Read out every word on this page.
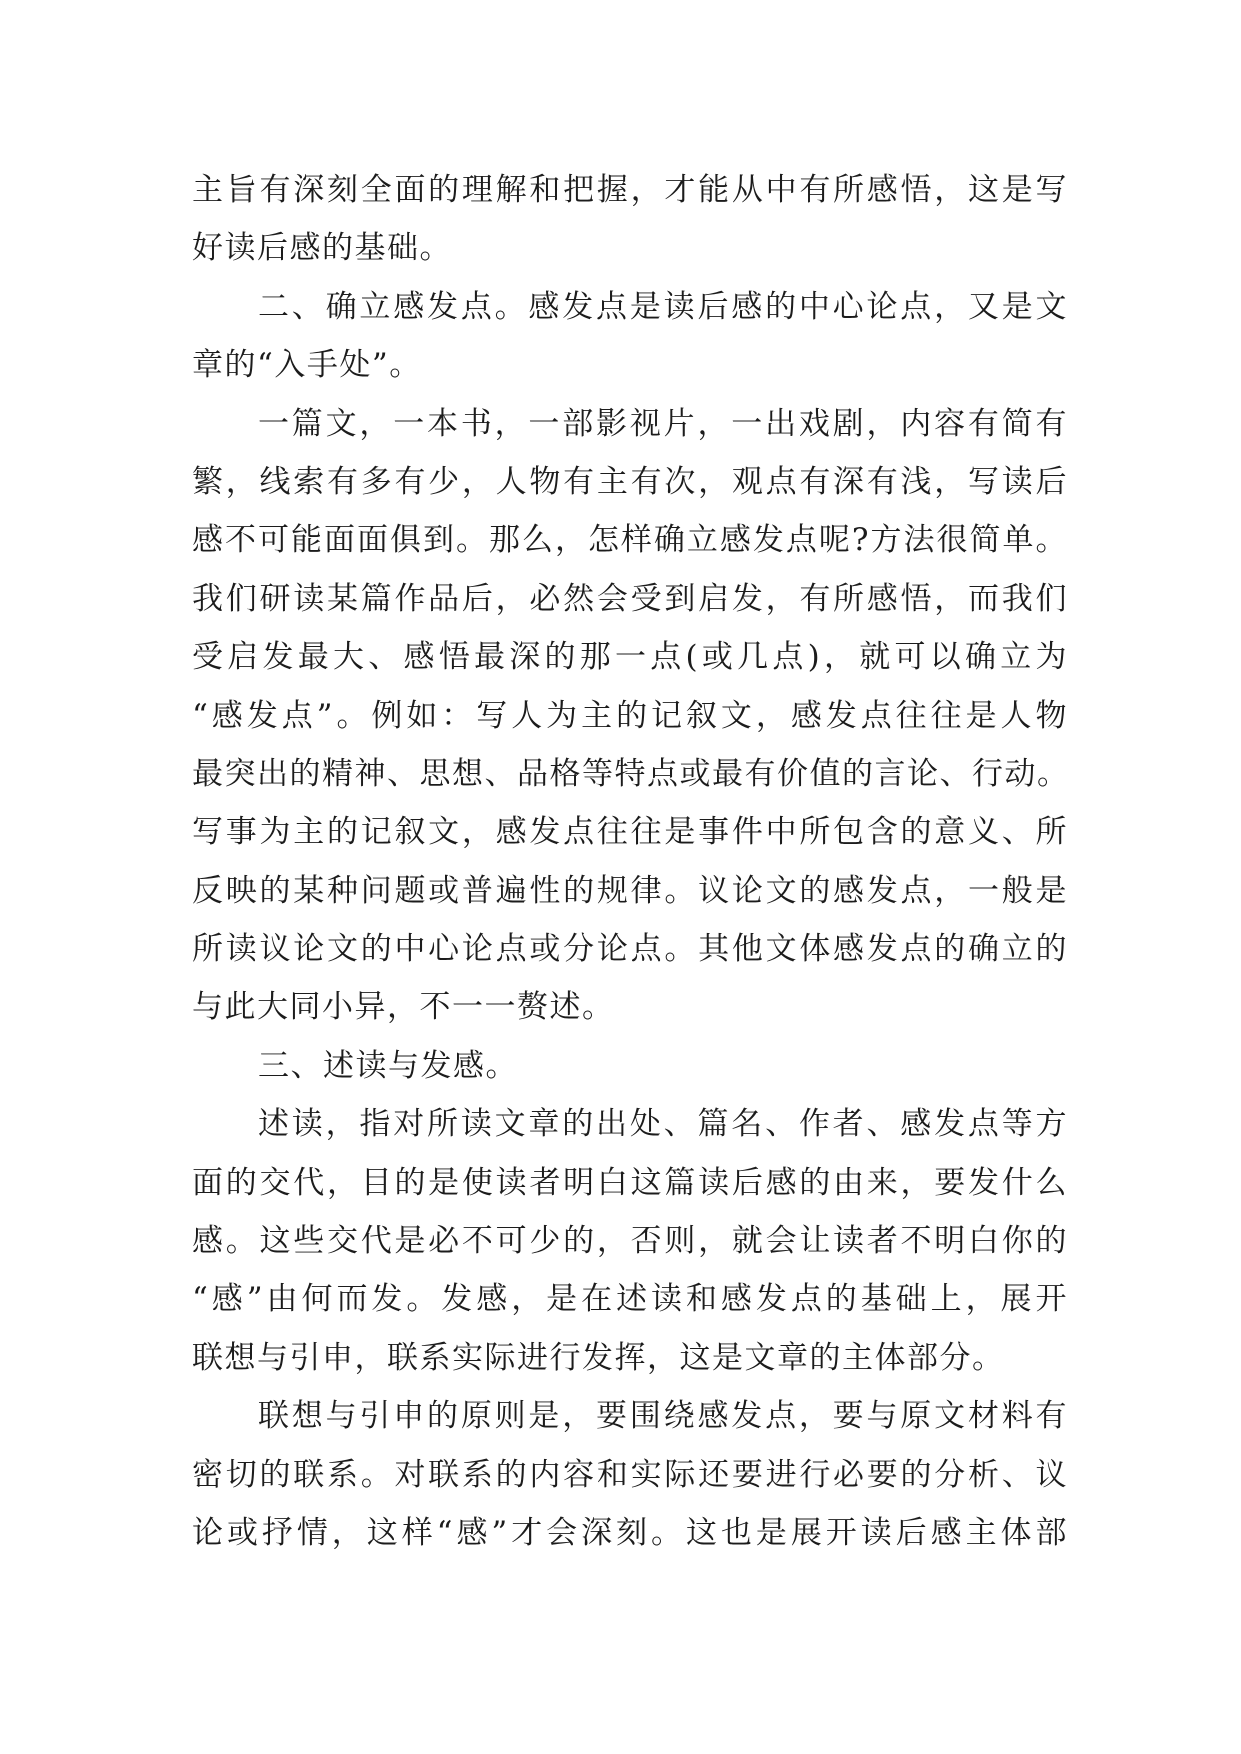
主旨有深刻全面的理解和把握，才能从中有所感悟，这是写
好读后感的基础。
二、确立感发点。感发点是读后感的中心论点，又是文
章的“入手处”。
一篇文，一本书，一部影视片，一出戏剧，内容有简有
繁，线索有多有少，人物有主有次，观点有深有浅，写读后
感不可能面面俱到。那么，怎样确立感发点呢?方法很简单。
我们研读某篇作品后，必然会受到启发，有所感悟，而我们
受启发最大、感悟最深的那一点(或几点)，就可以确立为
“感发点”。例如：写人为主的记叙文，感发点往往是人物
最突出的精神、思想、品格等特点或最有价值的言论、行动。
写事为主的记叙文，感发点往往是事件中所包含的意义、所
反映的某种问题或普遍性的规律。议论文的感发点，一般是
所读议论文的中心论点或分论点。其他文体感发点的确立的
与此大同小异，不一一赘述。
三、述读与发感。
述读，指对所读文章的出处、篇名、作者、感发点等方
面的交代，目的是使读者明白这篇读后感的由来，要发什么
感。这些交代是必不可少的，否则，就会让读者不明白你的
“感”由何而发。发感，是在述读和感发点的基础上，展开
联想与引申，联系实际进行发挥，这是文章的主体部分。
联想与引申的原则是，要围绕感发点，要与原文材料有
密切的联系。对联系的内容和实际还要进行必要的分析、议
论或抒情，这样“感”才会深刻。这也是展开读后感主体部
